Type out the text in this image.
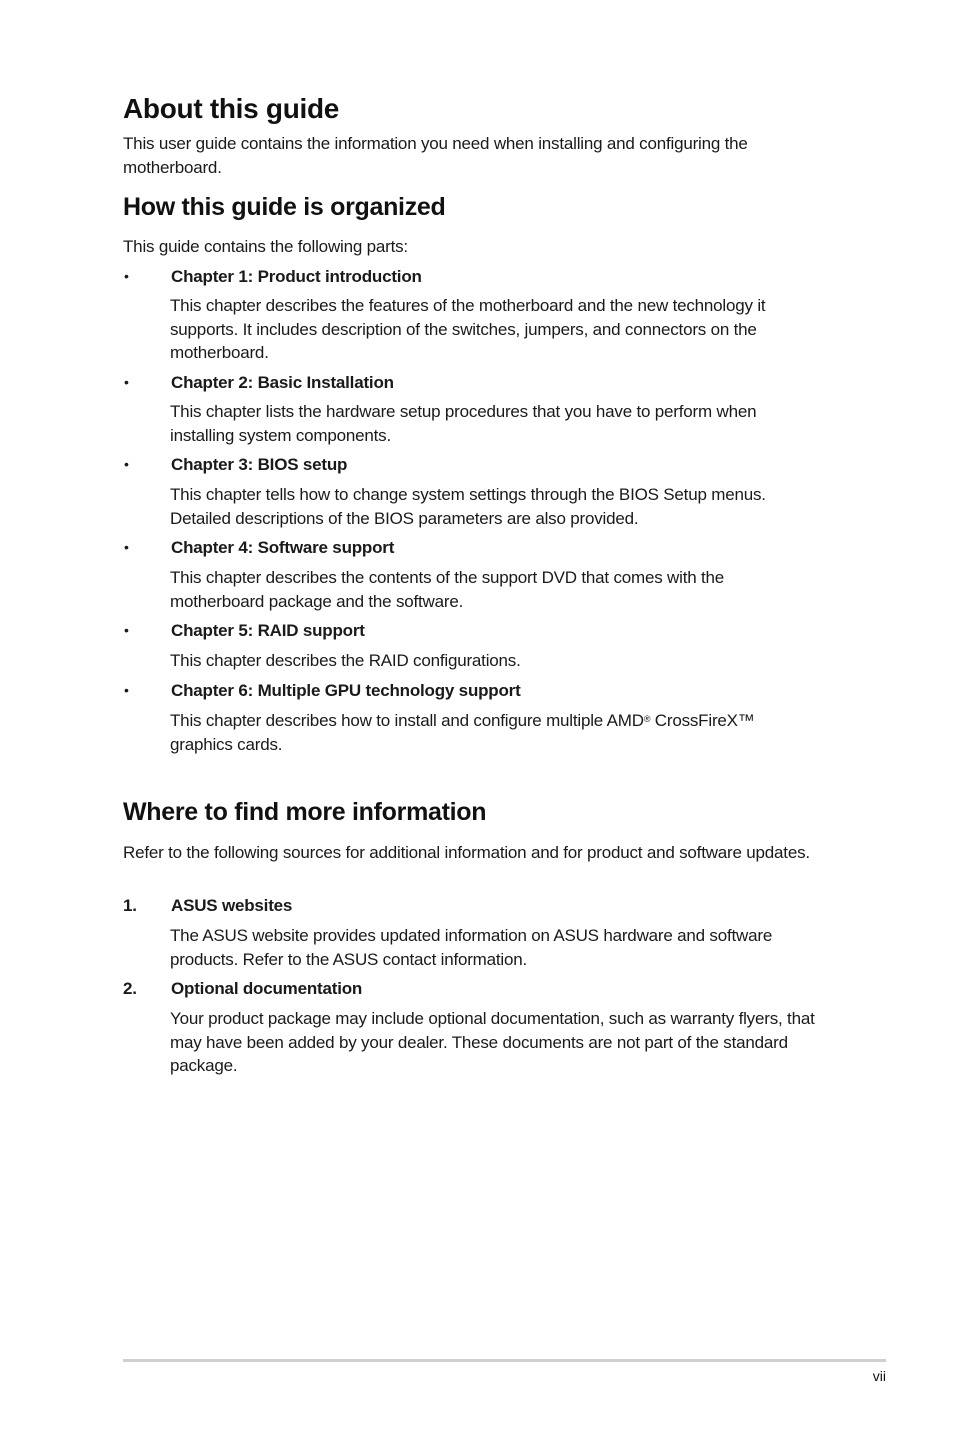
About this guide

This user guide contains the information you need when installing and configuring the motherboard.

How this guide is organized

This guide contains the following parts:

• Chapter 1: Product introduction

This chapter describes the features of the motherboard and the new technology it supports. It includes description of the switches, jumpers, and connectors on the motherboard.

• Chapter 2: Basic Installation

This chapter lists the hardware setup procedures that you have to perform when installing system components.

• Chapter 3: BIOS setup

This chapter tells how to change system settings through the BIOS Setup menus. Detailed descriptions of the BIOS parameters are also provided.

• Chapter 4: Software support

This chapter describes the contents of the support DVD that comes with the motherboard package and the software.

• Chapter 5: RAID support

This chapter describes the RAID configurations.

• Chapter 6: Multiple GPU technology support

This chapter describes how to install and configure multiple AMD® CrossFireX™ graphics cards.

Where to find more information

Refer to the following sources for additional information and for product and software updates.

1. ASUS websites

The ASUS website provides updated information on ASUS hardware and software products. Refer to the ASUS contact information.

2. Optional documentation

Your product package may include optional documentation, such as warranty flyers, that may have been added by your dealer. These documents are not part of the standard package.

vii
